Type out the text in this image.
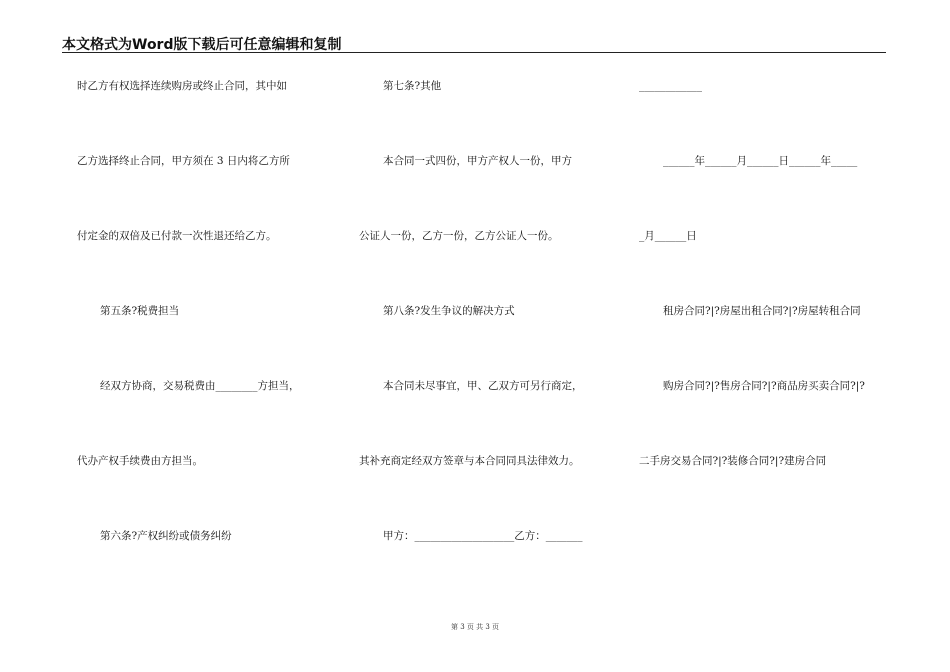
本文格式为Word版下载后可任意编辑和复制
时乙方有权选择连续购房或终止合同，其中如
乙方选择终止合同，甲方须在 3 日内将乙方所
付定金的双倍及已付款一次性退还给乙方。
第五条?税费担当
经双方协商，交易税费由________方担当，
代办产权手续费由方担当。
第六条?产权纠纷或债务纠纷
第七条?其他
本合同一式四份，甲方产权人一份，甲方
公证人一份，乙方一份，乙方公证人一份。
第八条?发生争议的解决方式
本合同未尽事宜，甲、乙双方可另行商定，
其补充商定经双方签章与本合同同具法律效力。
甲方：___________________乙方：_______
____________
______年______月______日______年_____
_月______日
租房合同?|?房屋出租合同?|?房屋转租合同
购房合同?|?售房合同?|?商品房买卖合同?|?
二手房交易合同?|?装修合同?|?建房合同
第 3 页 共 3 页
